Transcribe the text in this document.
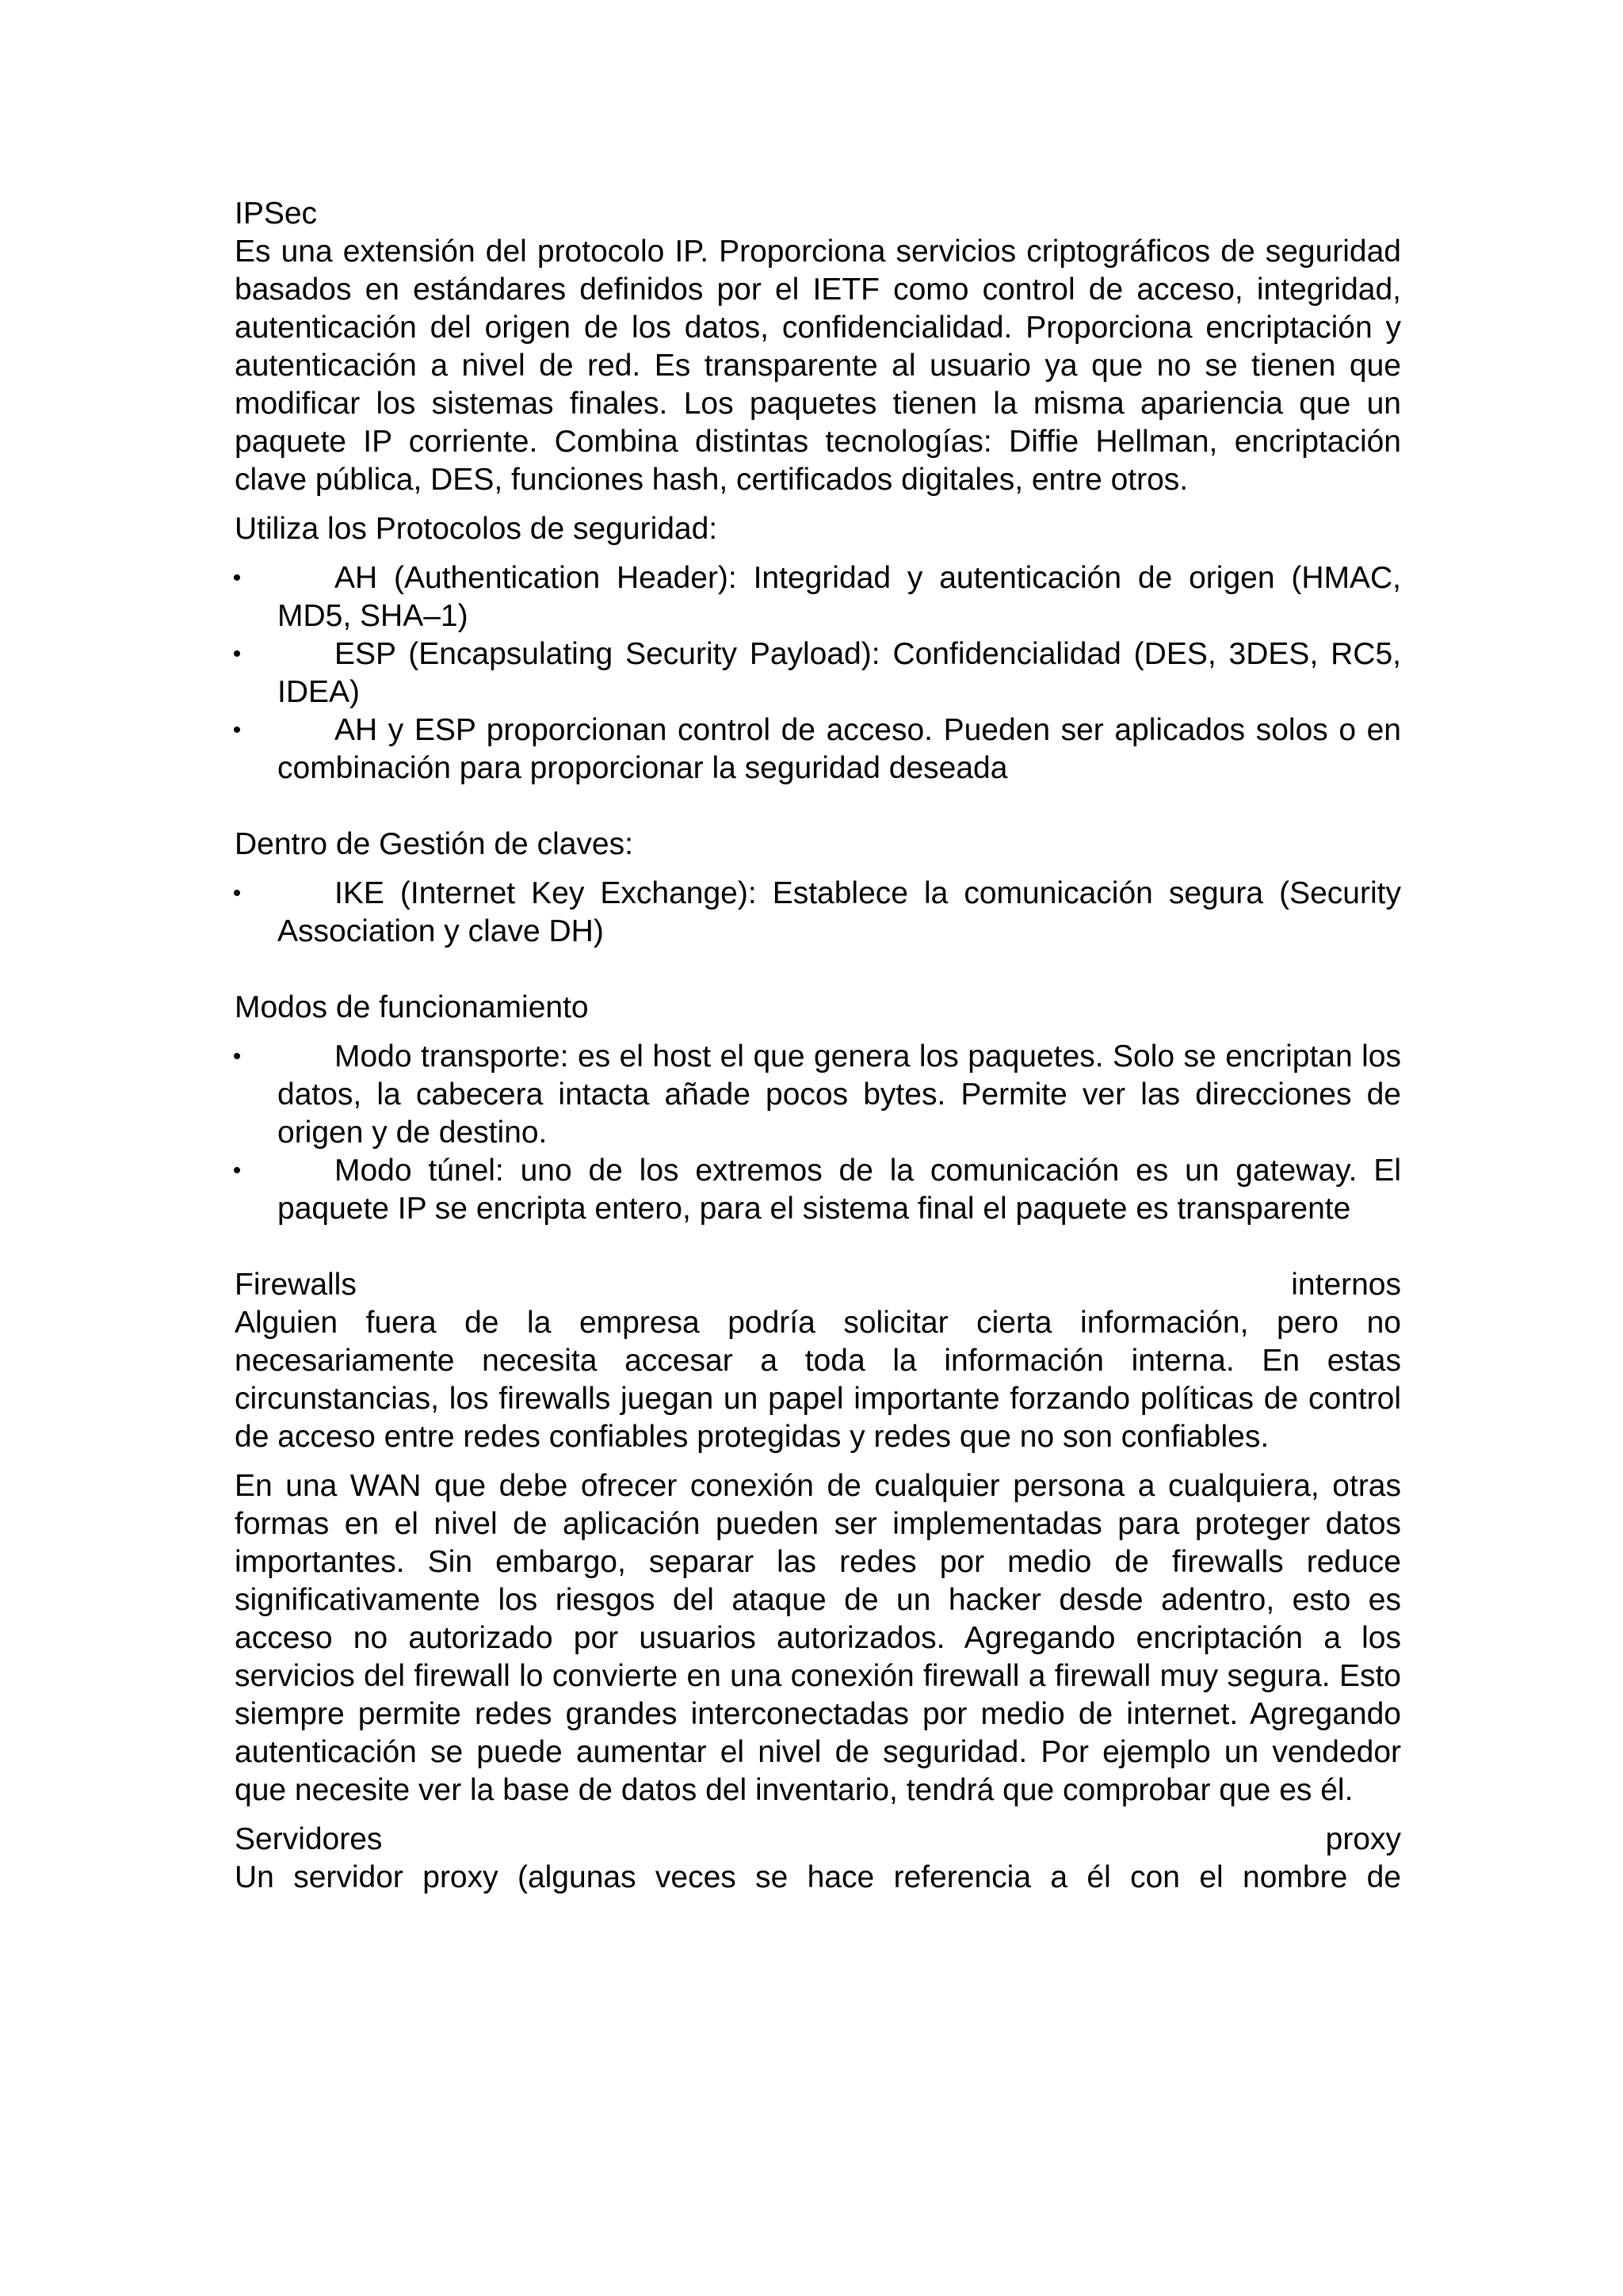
IPSec

Es una extensión del protocolo IP. Proporciona servicios criptográficos de seguridad basados en estándares definidos por el IETF como control de acceso, integridad, autenticación del origen de los datos, confidencialidad. Proporciona encriptación y autenticación a nivel de red. Es transparente al usuario ya que no se tienen que modificar los sistemas finales. Los paquetes tienen la misma apariencia que un paquete IP corriente. Combina distintas tecnologías: Diffie Hellman, encriptación clave pública, DES, funciones hash, certificados digitales, entre otros.

Utiliza los Protocolos de seguridad:

•	AH (Authentication Header): Integridad y autenticación de origen (HMAC, MD5, SHA–1)
•	ESP (Encapsulating Security Payload): Confidencialidad (DES, 3DES, RC5, IDEA)
•	AH y ESP proporcionan control de acceso. Pueden ser aplicados solos o en combinación para proporcionar la seguridad deseada

Dentro de Gestión de claves:

•	IKE (Internet Key Exchange): Establece la comunicación segura (Security Association y clave DH)

Modos de funcionamiento

•	Modo transporte: es el host el que genera los paquetes. Solo se encriptan los datos, la cabecera intacta añade pocos bytes. Permite ver las direcciones de origen y de destino.
•	Modo túnel: uno de los extremos de la comunicación es un gateway. El paquete IP se encripta entero, para el sistema final el paquete es transparente
Firewalls	internos

Alguien fuera de la empresa podría solicitar cierta información, pero no necesariamente necesita accesar a toda la información interna. En estas circunstancias, los firewalls juegan un papel importante forzando políticas de control de acceso entre redes confiables protegidas y redes que no son confiables.

En una WAN que debe ofrecer conexión de cualquier persona a cualquiera, otras formas en el nivel de aplicación pueden ser implementadas para proteger datos importantes. Sin embargo, separar las redes por medio de firewalls reduce significativamente los riesgos del ataque de un hacker desde adentro, esto es acceso no autorizado por usuarios autorizados. Agregando encriptación a los servicios del firewall lo convierte en una conexión firewall a firewall muy segura. Esto siempre permite redes grandes interconectadas por medio de internet. Agregando autenticación se puede aumentar el nivel de seguridad. Por ejemplo un vendedor que necesite ver la base de datos del inventario, tendrá que comprobar que es él.

Servidores	proxy

Un servidor proxy (algunas veces se hace referencia a él con el nombre de
